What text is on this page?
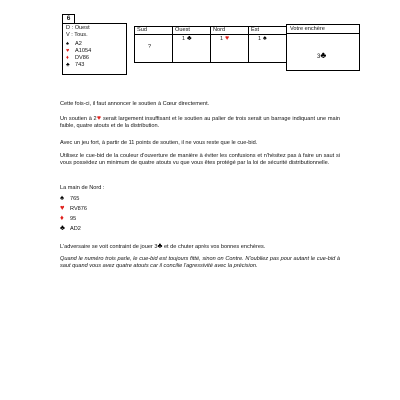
6
D : Ouest
V : Tous.
♠ A2
♥ A1054
♦ DV86
♣ 743
Sud	Ouest	Nord	Est

?	1 ♣	1 ♥	1 ♠
Votre enchère
3♣
Cette fois-ci, il faut annoncer le soutien à Cœur directement.
Un soutien à 2♥ serait largement insuffisant et le soutien au palier de trois serait un barrage indiquant une main faible, quatre atouts et de la distribution.
Avec un jeu fort, à partir de 11 points de soutien, il ne vous reste que le cue-bid.
Utilisez le cue-bid de la couleur d'ouverture de manière à éviter les confusions et n'hésitez pas à faire un saut si vous possédez un minimum de quatre atouts vu que vous êtes protégé par la loi de sécurité distributionnelle.
La main de Nord :
♠ 765
♥ RV876
♦ 95
♣ AD2
L'adversaire se voit contraint de jouer 3♣ et de chuter après vos bonnes enchères.
Quand le numéro trois parle, le cue-bid est toujours fitté, sinon on Contre. N'oubliez pas pour autant le cue-bid à saut quand vous avez quatre atouts car il concilie l'agressivité avec la précision.
